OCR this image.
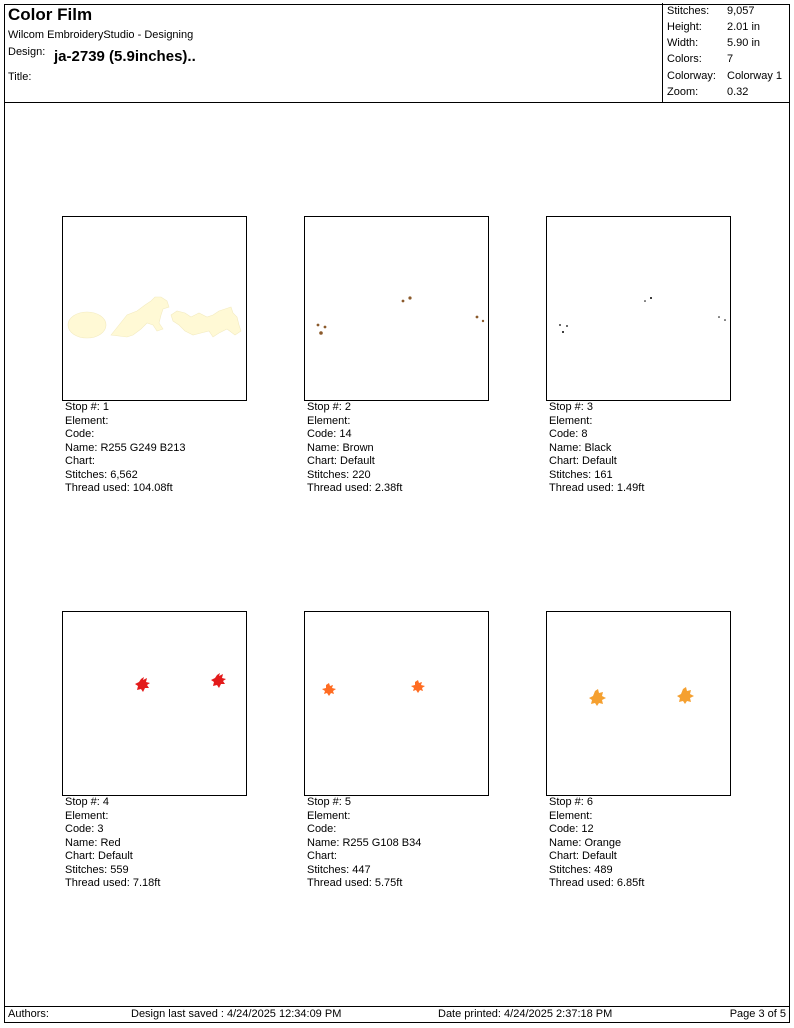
Color Film
Wilcom EmbroideryStudio - Designing
Design: ja-2739 (5.9inches)..
Title:
Stitches: 9,057
Height: 2.01 in
Width:	5.90 in
Colors: 7
Colorway: Colorway 1
Zoom:	0.32
Stop #: 1
Element:
Code:
Name: R255 G249 B213
Chart:
Stitches: 6,562
Thread used: 104.08ft
Stop #: 2
Element:
Code: 14
Name: Brown
Chart: Default
Stitches: 220
Thread used: 2.38ft
Stop #: 3
Element:
Code: 8
Name: Black
Chart: Default
Stitches: 161
Thread used: 1.49ft
Stop #: 4
Element:
Code: 3
Name: Red
Chart: Default
Stitches: 559
Thread used: 7.18ft
Stop #: 5
Element:
Code:
Name: R255 G108 B34
Chart:
Stitches: 447
Thread used: 5.75ft
Stop #: 6
Element:
Code: 12
Name: Orange
Chart: Default
Stitches: 489
Thread used: 6.85ft
Authors:	Design last saved : 4/24/2025 12:34:09 PM	Date printed: 4/24/2025 2:37:18 PM	Page 3 of 5
